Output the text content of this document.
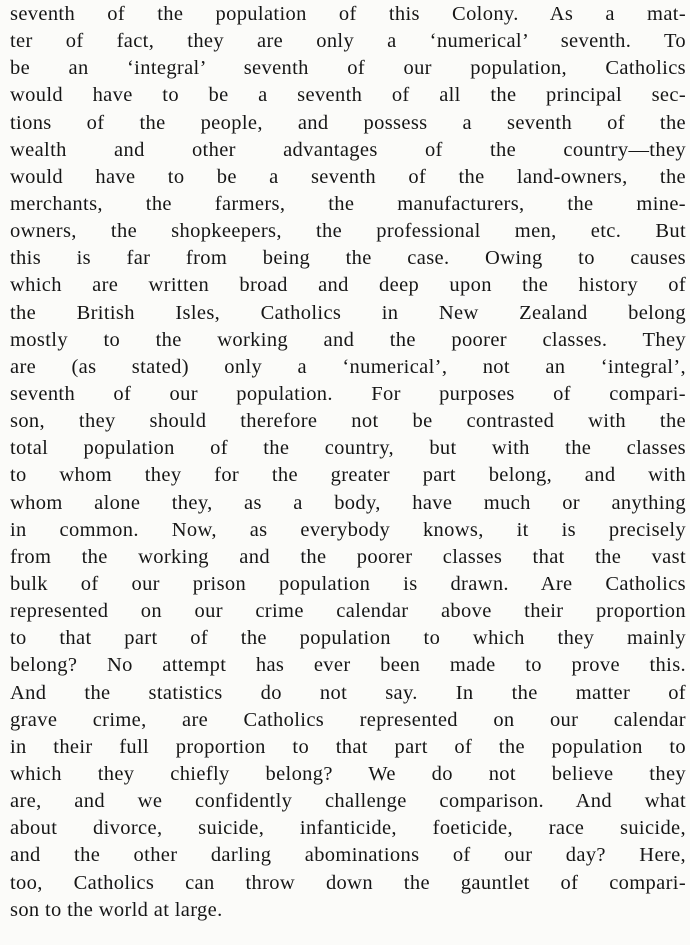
seventh of the population of this Colony. As a mat-
ter of fact, they are only a ‘numerical’ seventh. To
be an ‘integral’ seventh of our population, Catholics
would have to be a seventh of all the principal sec-
tions of the people, and possess a seventh of the
wealth and other advantages of the country—they
would have to be a seventh of the land-owners, the
merchants, the farmers, the manufacturers, the mine-
owners, the shopkeepers, the professional men, etc. But
this is far from being the case. Owing to causes
which are written broad and deep upon the history of
the British Isles, Catholics in New Zealand belong
mostly to the working and the poorer classes. They
are (as stated) only a ‘numerical’, not an ‘integral’,
seventh of our population. For purposes of compari-
son, they should therefore not be contrasted with the
total population of the country, but with the classes
to whom they for the greater part belong, and with
whom alone they, as a body, have much or anything
in common. Now, as everybody knows, it is precisely
from the working and the poorer classes that the vast
bulk of our prison population is drawn. Are Catholics
represented on our crime calendar above their proportion
to that part of the population to which they mainly
belong? No attempt has ever been made to prove this.
And the statistics do not say. In the matter of
grave crime, are Catholics represented on our calendar
in their full proportion to that part of the population to
which they chiefly belong? We do not believe they
are, and we confidently challenge comparison. And what
about divorce, suicide, infanticide, foeticide, race suicide,
and the other darling abominations of our day? Here,
too, Catholics can throw down the gauntlet of compari-
son to the world at large.
